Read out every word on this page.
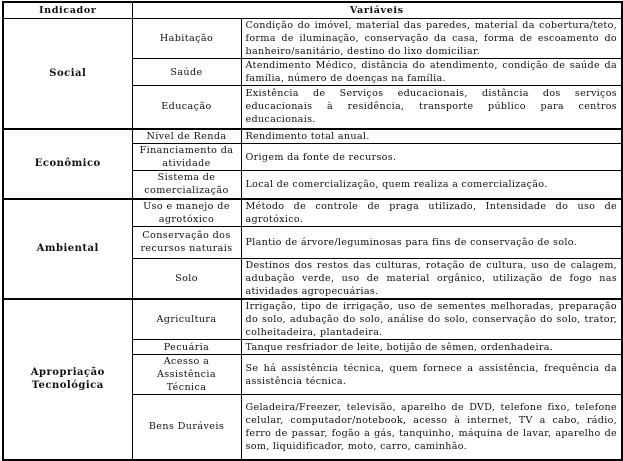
Indicador	Variáveis	
Social	Habitação	Condição do imóvel, material das paredes, material da cobertura/teto, forma de iluminação, conservação da casa, forma de escoamento do banheiro/sanitário, destino do lixo domiciliar.
	Saúde	Atendimento Médico, distância do atendimento, condição de saúde da família, número de doenças na família.
	Educação	Existência de Serviços educacionais, distância dos serviços educacionais à residência, transporte público para centros educacionais.
Econômico	Nível de Renda	Rendimento total anual.
	Financiamento da atividade	Origem da fonte de recursos.
	Sistema de comercialização	Local de comercialização, quem realiza a comercialização.
Ambiental	Uso e manejo de agrotóxico	Método de controle de praga utilizado, Intensidade do uso de agrotóxico.
	Conservação dos recursos naturais	Plantio de árvore/leguminosas para fins de conservação de solo.
	Solo	Destinos dos restos das culturas, rotação de cultura, uso de calagem, adubação verde, uso de material orgânico, utilização de fogo nas atividades agropecuárias.
Apropriação Tecnológica	Agricultura	Irrigação, tipo de irrigação, uso de sementes melhoradas, preparação do solo, adubação do solo, análise do solo, conservação do solo, trator, colheitadeira, plantadeira.
	Pecuária	Tanque resfriador de leite, botijão de sêmen, ordenhadeira.
	Acesso a Assistência Técnica	Se há assistência técnica, quem fornece a assistência, frequência da assistência técnica.
	Bens Duráveis	Geladeira/Freezer, televisão, aparelho de DVD, telefone fixo, telefone celular, computador/notebook, acesso à internet, TV a cabo, rádio, ferro de passar, fogão a gás, tanquinho, máquina de lavar, aparelho de som, liquidificador, moto, carro, caminhão.
